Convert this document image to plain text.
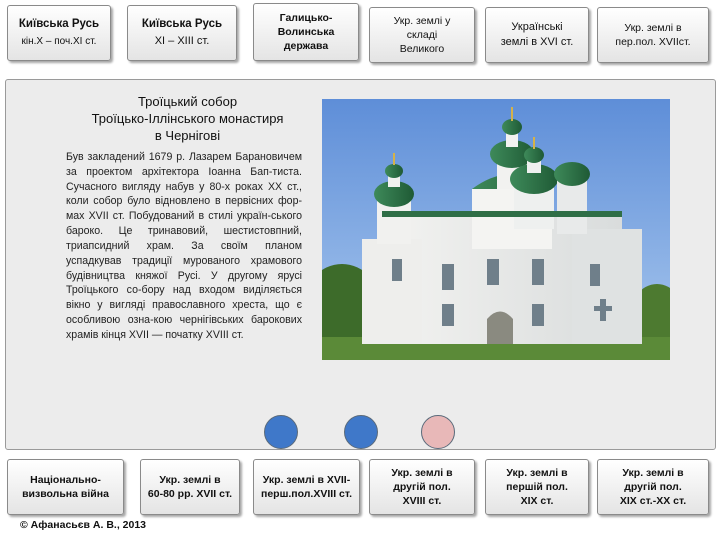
Київська Русь
кін.Х – поч.ХІ ст.
Київська Русь
ХІ – ХІІІ ст.
Галицько-
Волинська
держава
Укр. землі у
складі
Великого
Українські
землі в XVI ст.
Укр. землі в
пер.пол. XVIIст.
Троїцький собор
Троїцько-Іллінського монастиря
в Чернігові
Був закладений 1679 р. Лазарем Барановичем за проектом архітектора Іоанна Бап-тиста. Сучасного вигляду набув у 80-х роках XX ст., коли собор було відновлено в первісних фор-мах XVII ст. Побудований в стилі україн-ського бароко. Це тринавовий, шестистовпний, триапсидний храм. За своїм планом успадкував традиції мурованого храмового будівництва княжої Русі. У другому ярусі Троїцького со-бору над входом виділяється вікно у вигляді православного хреста, що є особливою озна-кою чернігівських барокових храмів кінця XVII — початку XVIII ст.
Національно-
визвольна війна
Укр. землі в
60-80 рр. XVII ст.
Укр. землі в XVII-
перш.пол.XVIII ст.
Укр. землі в
другій пол.
XVIII ст.
Укр. землі в
першій пол.
XIX ст.
Укр. землі в
другій пол.
XIX ст.-XX ст.
© Афанасьєв А. В., 2013
